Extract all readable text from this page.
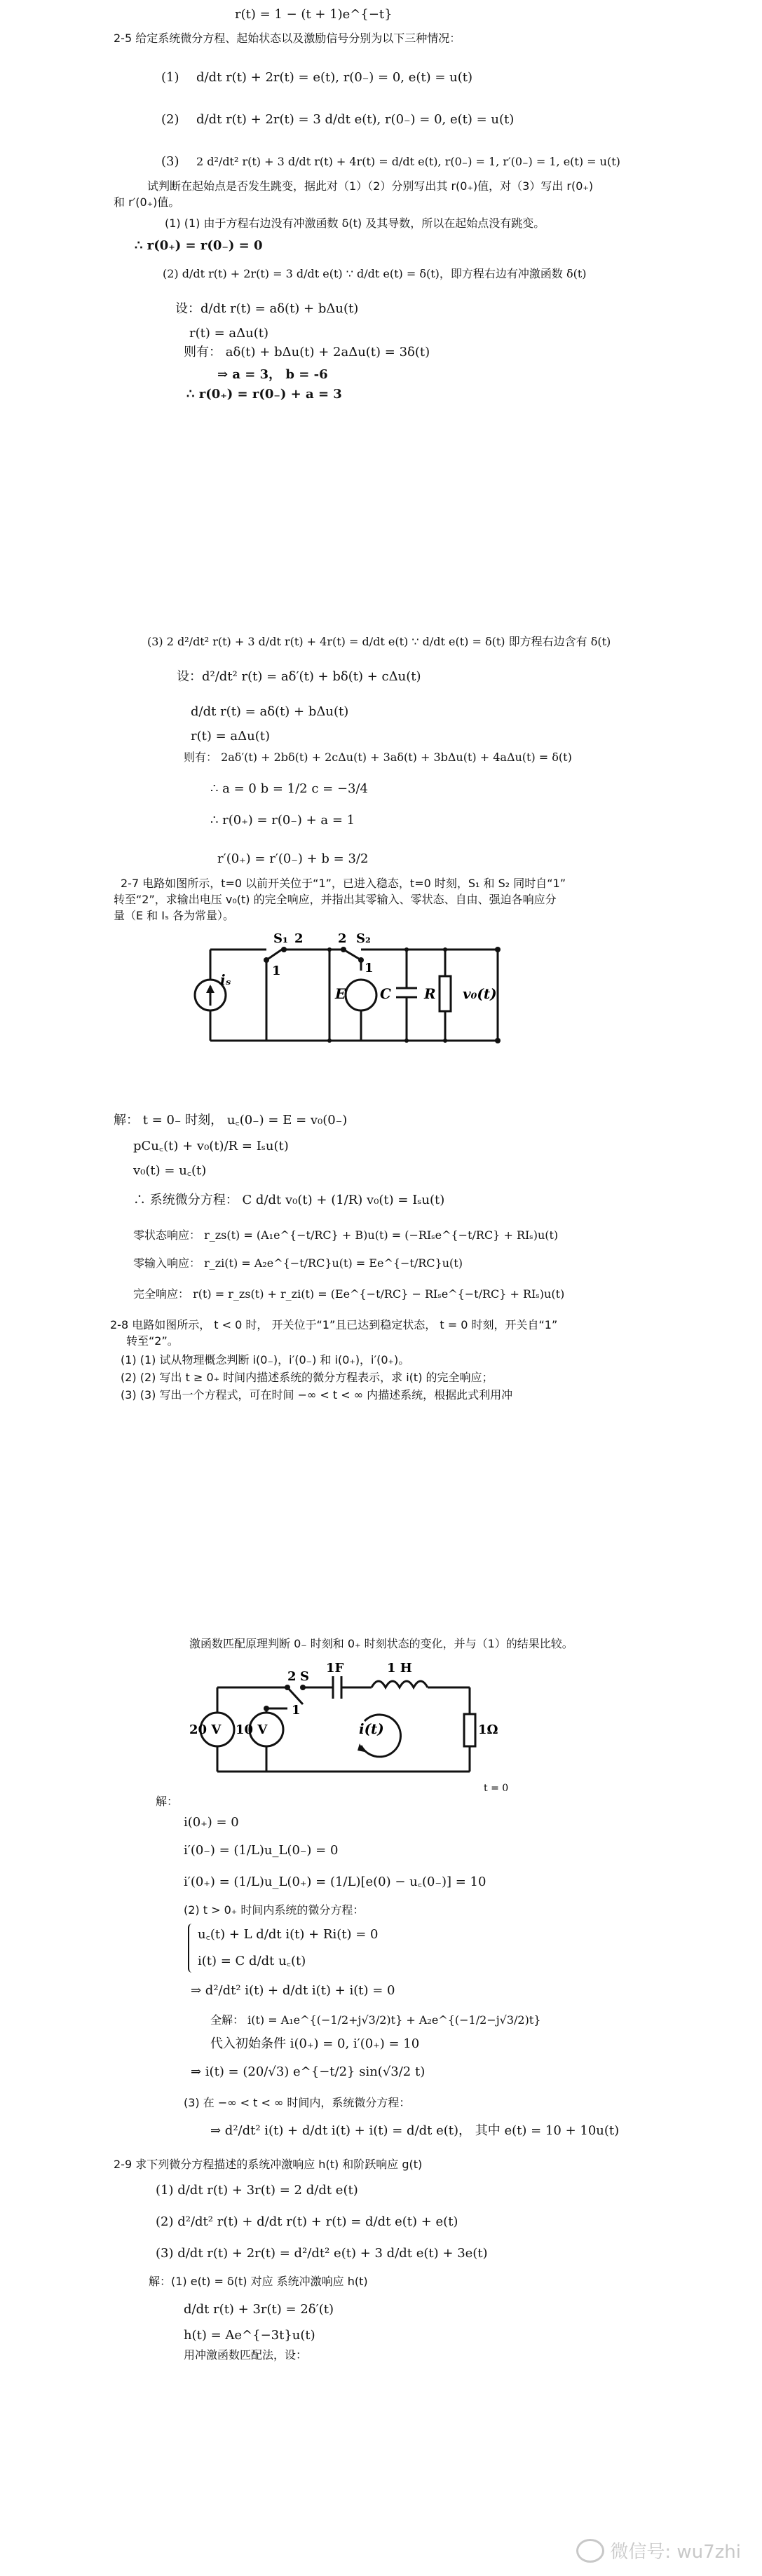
r(t) = 1 − (t + 1)e^{−t}
2-5 给定系统微分方程、起始状态以及激励信号分别为以下三种情况：
(1) d/dt r(t) + 2r(t) = e(t), r(0₋) = 0, e(t) = u(t)
(2) d/dt r(t) + 2r(t) = 3 d/dt e(t), r(0₋) = 0, e(t) = u(t)
(3) 2 d²/dt² r(t) + 3 d/dt r(t) + 4r(t) = d/dt e(t), r(0₋) = 1, r′(0₋) = 1, e(t) = u(t)
试判断在起始点是否发生跳变，据此对（1）（2）分别写出其 r(0₊)值，对（3）写出 r(0₊)
和 r′(0₊)值。
(1) (1) 由于方程右边没有冲激函数 δ(t) 及其导数，所以在起始点没有跳变。
∴ r(0₊) = r(0₋) = 0
(2) d/dt r(t) + 2r(t) = 3 d/dt e(t) ∵ d/dt e(t) = δ(t)，即方程右边有冲激函数 δ(t)
设：d/dt r(t) = aδ(t) + bΔu(t)
r(t) = aΔu(t)
则有： aδ(t) + bΔu(t) + 2aΔu(t) = 3δ(t)
⇒ a = 3， b = -6
∴ r(0₊) = r(0₋) + a = 3
(3) 2 d²/dt² r(t) + 3 d/dt r(t) + 4r(t) = d/dt e(t) ∵ d/dt e(t) = δ(t) 即方程右边含有 δ(t)
设：d²/dt² r(t) = aδ′(t) + bδ(t) + cΔu(t)
d/dt r(t) = aδ(t) + bΔu(t)
r(t) = aΔu(t)
则有： 2aδ′(t) + 2bδ(t) + 2cΔu(t) + 3aδ(t) + 3bΔu(t) + 4aΔu(t) = δ(t)
∴ a = 0 b = 1/2 c = −3/4
∴ r(0₊) = r(0₋) + a = 1
r′(0₊) = r′(0₋) + b = 3/2
2-7 电路如图所示，t=0 以前开关位于“1”，已进入稳态，t=0 时刻，S₁ 和 S₂ 同时自“1”
转至“2”，求输出电压 v₀(t) 的完全响应，并指出其零输入、零状态、自由、强迫各响应分
量（E 和 Iₛ 各为常量）。
S₁ 2
1
2 S₂
1
iₛ
E C R v₀(t)
解： t = 0₋ 时刻， u꜀(0₋) = E = v₀(0₋)
pCu꜀(t) + v₀(t)/R = Iₛu(t)
v₀(t) = u꜀(t)
∴ 系统微分方程： C d/dt v₀(t) + (1/R) v₀(t) = Iₛu(t)
零状态响应： r_zs(t) = (A₁e^{−t/RC} + B)u(t) = (−RIₛe^{−t/RC} + RIₛ)u(t)
零输入响应： r_zi(t) = A₂e^{−t/RC}u(t) = Ee^{−t/RC}u(t)
完全响应： r(t) = r_zs(t) + r_zi(t) = (Ee^{−t/RC} − RIₛe^{−t/RC} + RIₛ)u(t)
2-8 电路如图所示， t < 0 时， 开关位于“1”且已达到稳定状态， t = 0 时刻，开关自“1”
转至“2”。
(1) (1) 试从物理概念判断 i(0₋)，i′(0₋) 和 i(0₊)，i′(0₊)。
(2) (2) 写出 t ≥ 0₊ 时间内描述系统的微分方程表示，求 i(t) 的完全响应；
(3) (3) 写出一个方程式，可在时间 −∞ < t < ∞ 内描述系统，根据此式利用冲
激函数匹配原理判断 0₋ 时刻和 0₊ 时刻状态的变化，并与（1）的结果比较。
2 S
1
1F	1 H
20 V 10 V	i(t)	1Ω
t = 0
解：
i(0₊) = 0
i′(0₋) = (1/L)u_L(0₋) = 0
i′(0₊) = (1/L)u_L(0₊) = (1/L)[e(0) − u꜀(0₋)] = 10
(2) t > 0₊ 时间内系统的微分方程：
u꜀(t) + L d/dt i(t) + Ri(t) = 0
i(t) = C d/dt u꜀(t)
⇒ d²/dt² i(t) + d/dt i(t) + i(t) = 0
全解： i(t) = A₁e^{(−1/2+j√3/2)t} + A₂e^{(−1/2−j√3/2)t}
代入初始条件 i(0₊) = 0, i′(0₊) = 10
⇒ i(t) = (20/√3) e^{−t/2} sin(√3/2 t)
(3) 在 −∞ < t < ∞ 时间内，系统微分方程：
⇒ d²/dt² i(t) + d/dt i(t) + i(t) = d/dt e(t)， 其中 e(t) = 10 + 10u(t)
2-9 求下列微分方程描述的系统冲激响应 h(t) 和阶跃响应 g(t)
(1) d/dt r(t) + 3r(t) = 2 d/dt e(t)
(2) d²/dt² r(t) + d/dt r(t) + r(t) = d/dt e(t) + e(t)
(3) d/dt r(t) + 2r(t) = d²/dt² e(t) + 3 d/dt e(t) + 3e(t)
解：(1) e(t) = δ(t) 对应 系统冲激响应 h(t)
d/dt r(t) + 3r(t) = 2δ′(t)
h(t) = Ae^{−3t}u(t)
用冲激函数匹配法，设：
微信号: wu7zhi
